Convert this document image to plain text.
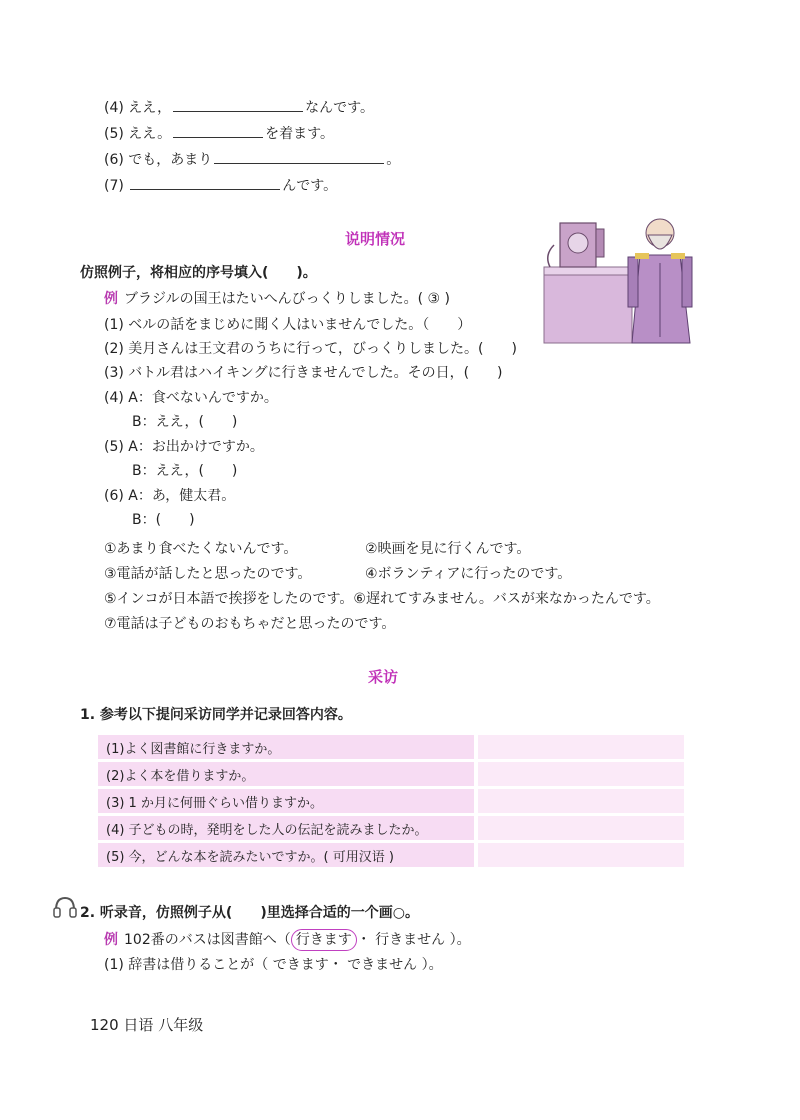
(4) ええ，	なんです。
(5) ええ。	を着ます。
(6) でも，あまり	。
(7)	んです。
说明情况
仿照例子，将相应的序号填入(　　)。
例 ブラジルの国王はたいへんびっくりしました。( ③ )
(1) ベルの話をまじめに聞く人はいませんでした。（　　）
(2) 美月さんは王文君のうちに行って，びっくりしました。(　　)
(3) バトル君はハイキングに行きませんでした。その日，(　　)
(4) A：食べないんですか。
　　B：ええ，(　　)
(5) A：お出かけですか。
　　B：ええ，(　　)
(6) A：あ，健太君。
　　B：(　　)
①あまり食べたくないんです。	②映画を見に行くんです。
③電話が話したと思ったのです。	④ボランティアに行ったのです。
⑤インコが日本語で挨拶をしたのです。⑥遅れてすみません。バスが来なかったんです。
⑦電話は子どものおもちゃだと思ったのです。
采访
1. 参考以下提问采访同学并记录回答内容。
(1)よく図書館に行きますか。	
(2)よく本を借りますか。	
(3) 1 か月に何冊ぐらい借りますか。	
(4) 子どもの時，発明をした人の伝記を読みましたか。	
(5) 今，どんな本を読みたいですか。( 可用汉语 )	
2. 听录音，仿照例子从(　　)里选择合适的一个画○。
例 102番のバスは図書館へ（ 行きます ・ 行きません ）。
(1) 辞書は借りることが（ できます・ できません ）。
120 日语 八年级
